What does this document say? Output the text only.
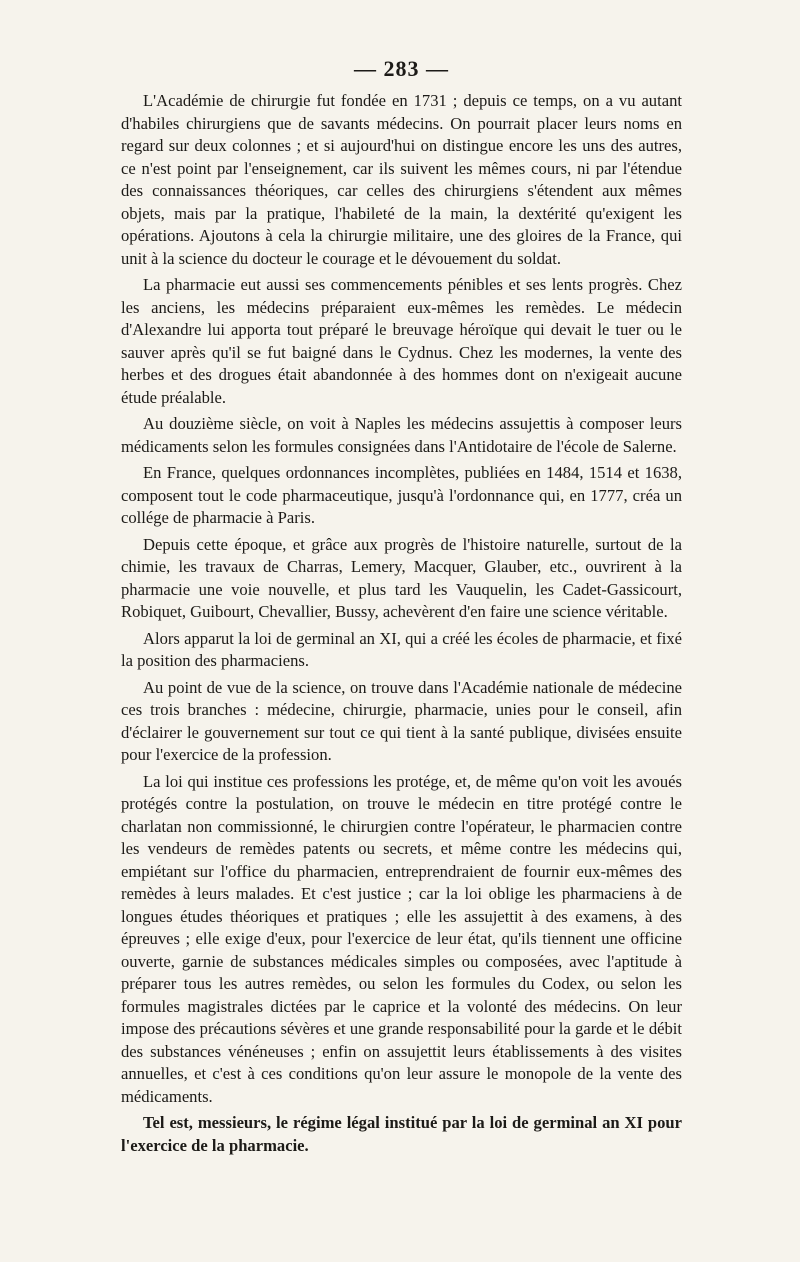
— 283 —

L'Académie de chirurgie fut fondée en 1731 ; depuis ce temps, on a vu autant d'habiles chirurgiens que de savants médecins. On pourrait placer leurs noms en regard sur deux colonnes ; et si aujourd'hui on distingue encore les uns des autres, ce n'est point par l'enseignement, car ils suivent les mêmes cours, ni par l'étendue des connaissances théoriques, car celles des chirurgiens s'étendent aux mêmes objets, mais par la pratique, l'habileté de la main, la dextérité qu'exigent les opérations. Ajoutons à cela la chirurgie militaire, une des gloires de la France, qui unit à la science du docteur le courage et le dévouement du soldat.

La pharmacie eut aussi ses commencements pénibles et ses lents progrès. Chez les anciens, les médecins préparaient eux-mêmes les remèdes. Le médecin d'Alexandre lui apporta tout préparé le breuvage héroïque qui devait le tuer ou le sauver après qu'il se fut baigné dans le Cydnus. Chez les modernes, la vente des herbes et des drogues était abandonnée à des hommes dont on n'exigeait aucune étude préalable.

Au douzième siècle, on voit à Naples les médecins assujettis à composer leurs médicaments selon les formules consignées dans l'Antidotaire de l'école de Salerne.

En France, quelques ordonnances incomplètes, publiées en 1484, 1514 et 1638, composent tout le code pharmaceutique, jusqu'à l'ordonnance qui, en 1777, créa un collége de pharmacie à Paris.

Depuis cette époque, et grâce aux progrès de l'histoire naturelle, surtout de la chimie, les travaux de Charras, Lemery, Macquer, Glauber, etc., ouvrirent à la pharmacie une voie nouvelle, et plus tard les Vauquelin, les Cadet-Gassicourt, Robiquet, Guibourt, Chevallier, Bussy, achevèrent d'en faire une science véritable.

Alors apparut la loi de germinal an XI, qui a créé les écoles de pharmacie, et fixé la position des pharmaciens.

Au point de vue de la science, on trouve dans l'Académie nationale de médecine ces trois branches : médecine, chirurgie, pharmacie, unies pour le conseil, afin d'éclairer le gouvernement sur tout ce qui tient à la santé publique, divisées ensuite pour l'exercice de la profession.

La loi qui institue ces professions les protége, et, de même qu'on voit les avoués protégés contre la postulation, on trouve le médecin en titre protégé contre le charlatan non commissionné, le chirurgien contre l'opérateur, le pharmacien contre les vendeurs de remèdes patents ou secrets, et même contre les médecins qui, empiétant sur l'office du pharmacien, entreprendraient de fournir eux-mêmes des remèdes à leurs malades. Et c'est justice ; car la loi oblige les pharmaciens à de longues études théoriques et pratiques ; elle les assujettit à des examens, à des épreuves ; elle exige d'eux, pour l'exercice de leur état, qu'ils tiennent une officine ouverte, garnie de substances médicales simples ou composées, avec l'aptitude à préparer tous les autres remèdes, ou selon les formules du Codex, ou selon les formules magistrales dictées par le caprice et la volonté des médecins. On leur impose des précautions sévères et une grande responsabilité pour la garde et le débit des substances vénéneuses ; enfin on assujettit leurs établissements à des visites annuelles, et c'est à ces conditions qu'on leur assure le monopole de la vente des médicaments.

Tel est, messieurs, le régime légal institué par la loi de germinal an XI pour l'exercice de la pharmacie.
